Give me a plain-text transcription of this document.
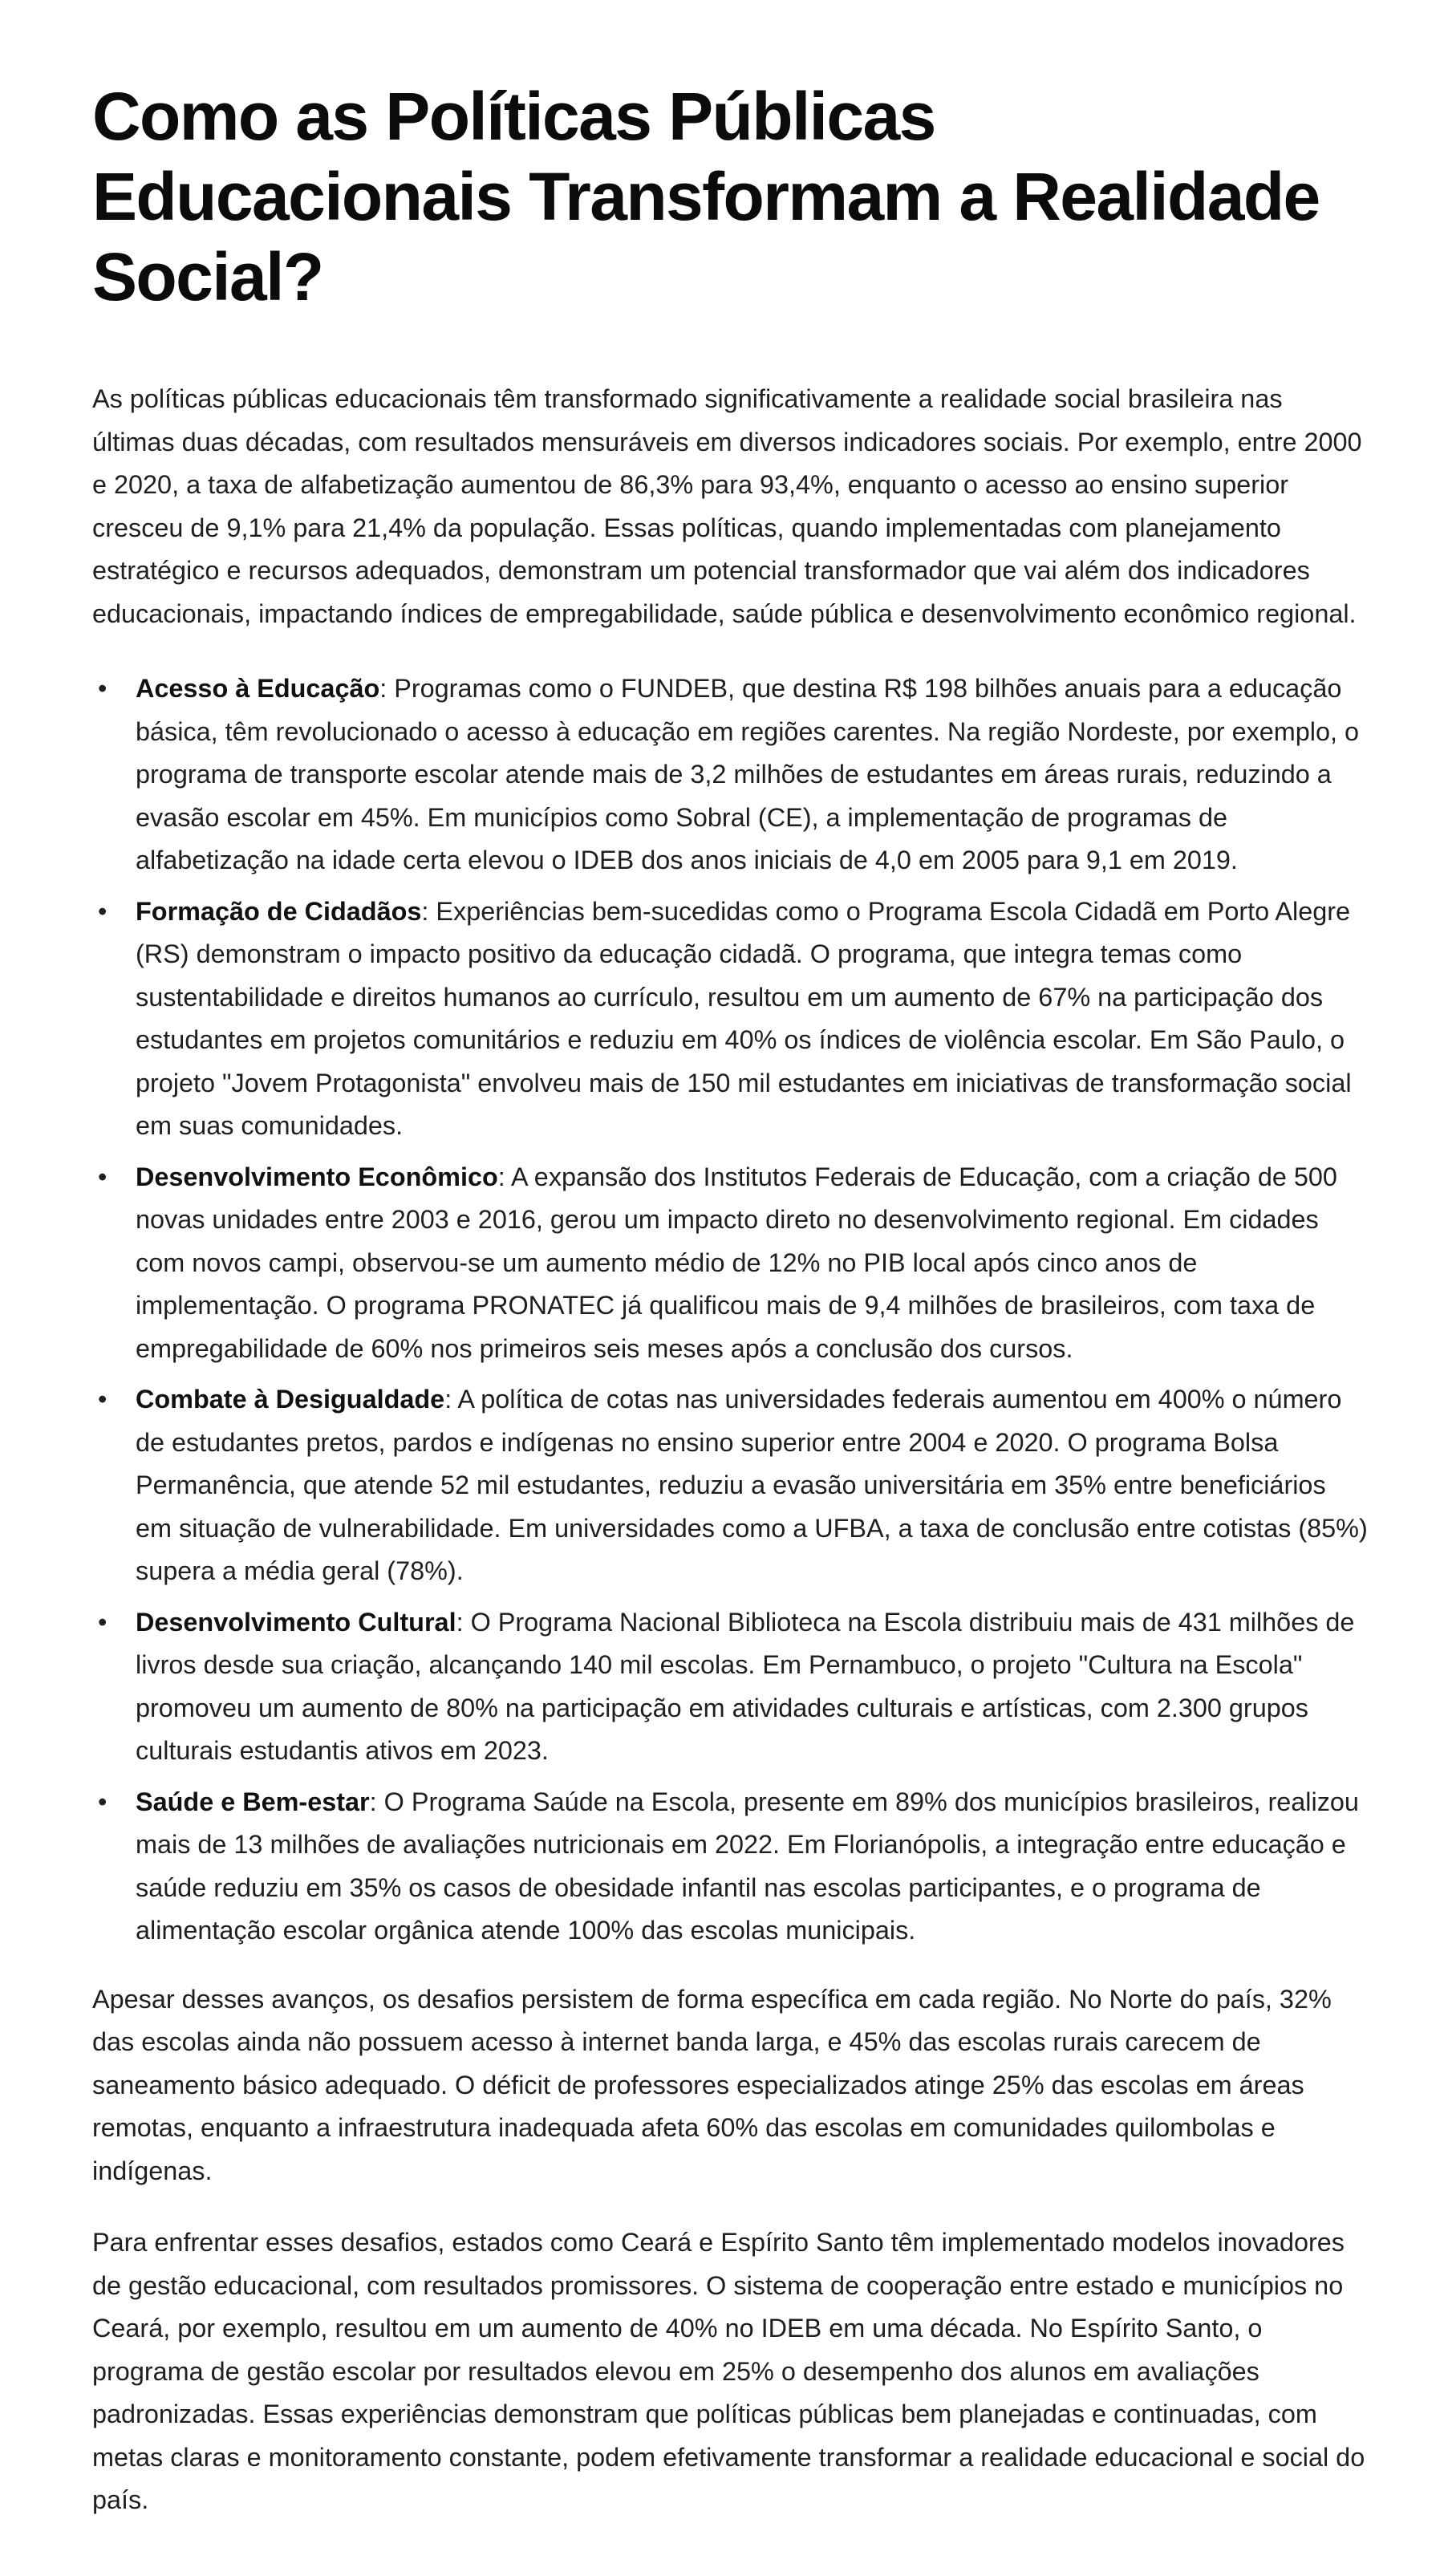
Como as Políticas Públicas Educacionais Transformam a Realidade Social?

As políticas públicas educacionais têm transformado significativamente a realidade social brasileira nas últimas duas décadas, com resultados mensuráveis em diversos indicadores sociais. Por exemplo, entre 2000 e 2020, a taxa de alfabetização aumentou de 86,3% para 93,4%, enquanto o acesso ao ensino superior cresceu de 9,1% para 21,4% da população. Essas políticas, quando implementadas com planejamento estratégico e recursos adequados, demonstram um potencial transformador que vai além dos indicadores educacionais, impactando índices de empregabilidade, saúde pública e desenvolvimento econômico regional.

• Acesso à Educação: Programas como o FUNDEB, que destina R$ 198 bilhões anuais para a educação básica, têm revolucionado o acesso à educação em regiões carentes. Na região Nordeste, por exemplo, o programa de transporte escolar atende mais de 3,2 milhões de estudantes em áreas rurais, reduzindo a evasão escolar em 45%. Em municípios como Sobral (CE), a implementação de programas de alfabetização na idade certa elevou o IDEB dos anos iniciais de 4,0 em 2005 para 9,1 em 2019.
• Formação de Cidadãos: Experiências bem-sucedidas como o Programa Escola Cidadã em Porto Alegre (RS) demonstram o impacto positivo da educação cidadã. O programa, que integra temas como sustentabilidade e direitos humanos ao currículo, resultou em um aumento de 67% na participação dos estudantes em projetos comunitários e reduziu em 40% os índices de violência escolar. Em São Paulo, o projeto "Jovem Protagonista" envolveu mais de 150 mil estudantes em iniciativas de transformação social em suas comunidades.
• Desenvolvimento Econômico: A expansão dos Institutos Federais de Educação, com a criação de 500 novas unidades entre 2003 e 2016, gerou um impacto direto no desenvolvimento regional. Em cidades com novos campi, observou-se um aumento médio de 12% no PIB local após cinco anos de implementação. O programa PRONATEC já qualificou mais de 9,4 milhões de brasileiros, com taxa de empregabilidade de 60% nos primeiros seis meses após a conclusão dos cursos.
• Combate à Desigualdade: A política de cotas nas universidades federais aumentou em 400% o número de estudantes pretos, pardos e indígenas no ensino superior entre 2004 e 2020. O programa Bolsa Permanência, que atende 52 mil estudantes, reduziu a evasão universitária em 35% entre beneficiários em situação de vulnerabilidade. Em universidades como a UFBA, a taxa de conclusão entre cotistas (85%) supera a média geral (78%).
• Desenvolvimento Cultural: O Programa Nacional Biblioteca na Escola distribuiu mais de 431 milhões de livros desde sua criação, alcançando 140 mil escolas. Em Pernambuco, o projeto "Cultura na Escola" promoveu um aumento de 80% na participação em atividades culturais e artísticas, com 2.300 grupos culturais estudantis ativos em 2023.
• Saúde e Bem-estar: O Programa Saúde na Escola, presente em 89% dos municípios brasileiros, realizou mais de 13 milhões de avaliações nutricionais em 2022. Em Florianópolis, a integração entre educação e saúde reduziu em 35% os casos de obesidade infantil nas escolas participantes, e o programa de alimentação escolar orgânica atende 100% das escolas municipais.

Apesar desses avanços, os desafios persistem de forma específica em cada região. No Norte do país, 32% das escolas ainda não possuem acesso à internet banda larga, e 45% das escolas rurais carecem de saneamento básico adequado. O déficit de professores especializados atinge 25% das escolas em áreas remotas, enquanto a infraestrutura inadequada afeta 60% das escolas em comunidades quilombolas e indígenas.

Para enfrentar esses desafios, estados como Ceará e Espírito Santo têm implementado modelos inovadores de gestão educacional, com resultados promissores. O sistema de cooperação entre estado e municípios no Ceará, por exemplo, resultou em um aumento de 40% no IDEB em uma década. No Espírito Santo, o programa de gestão escolar por resultados elevou em 25% o desempenho dos alunos em avaliações padronizadas. Essas experiências demonstram que políticas públicas bem planejadas e continuadas, com metas claras e monitoramento constante, podem efetivamente transformar a realidade educacional e social do país.
